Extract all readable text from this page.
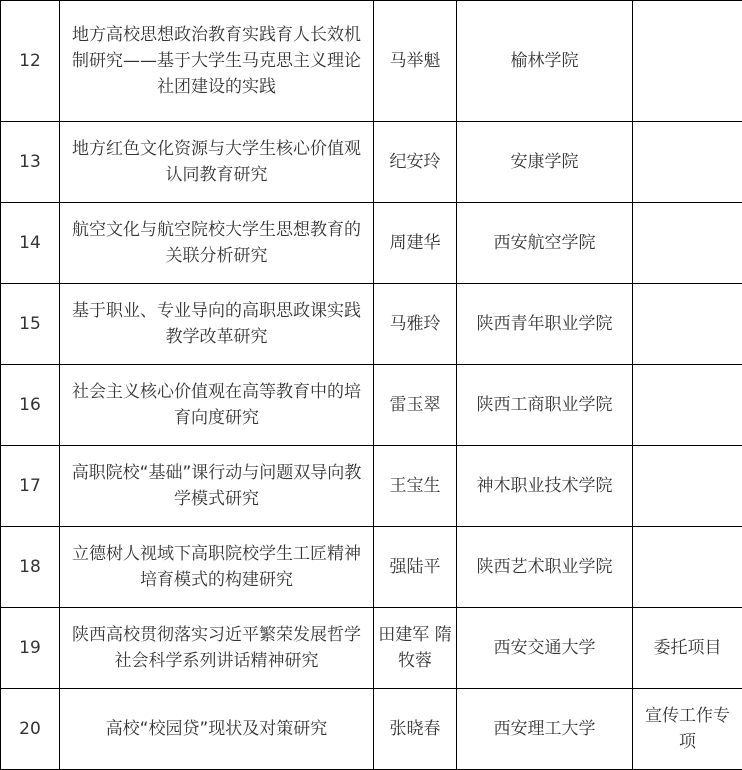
12	地方高校思想政治教育实践育人长效机制研究——基于大学生马克思主义理论社团建设的实践	马举魁	榆林学院	
13	地方红色文化资源与大学生核心价值观认同教育研究	纪安玲	安康学院	
14	航空文化与航空院校大学生思想教育的关联分析研究	周建华	西安航空学院	
15	基于职业、专业导向的高职思政课实践教学改革研究	马雅玲	陕西青年职业学院	
16	社会主义核心价值观在高等教育中的培育向度研究	雷玉翠	陕西工商职业学院	
17	高职院校“基础”课行动与问题双导向教学模式研究	王宝生	神木职业技术学院	
18	立德树人视域下高职院校学生工匠精神培育模式的构建研究	强陆平	陕西艺术职业学院	
19	陕西高校贯彻落实习近平繁荣发展哲学社会科学系列讲话精神研究	田建军 隋牧蓉	西安交通大学	委托项目
20	高校“校园贷”现状及对策研究	张晓春	西安理工大学	宣传工作专项
